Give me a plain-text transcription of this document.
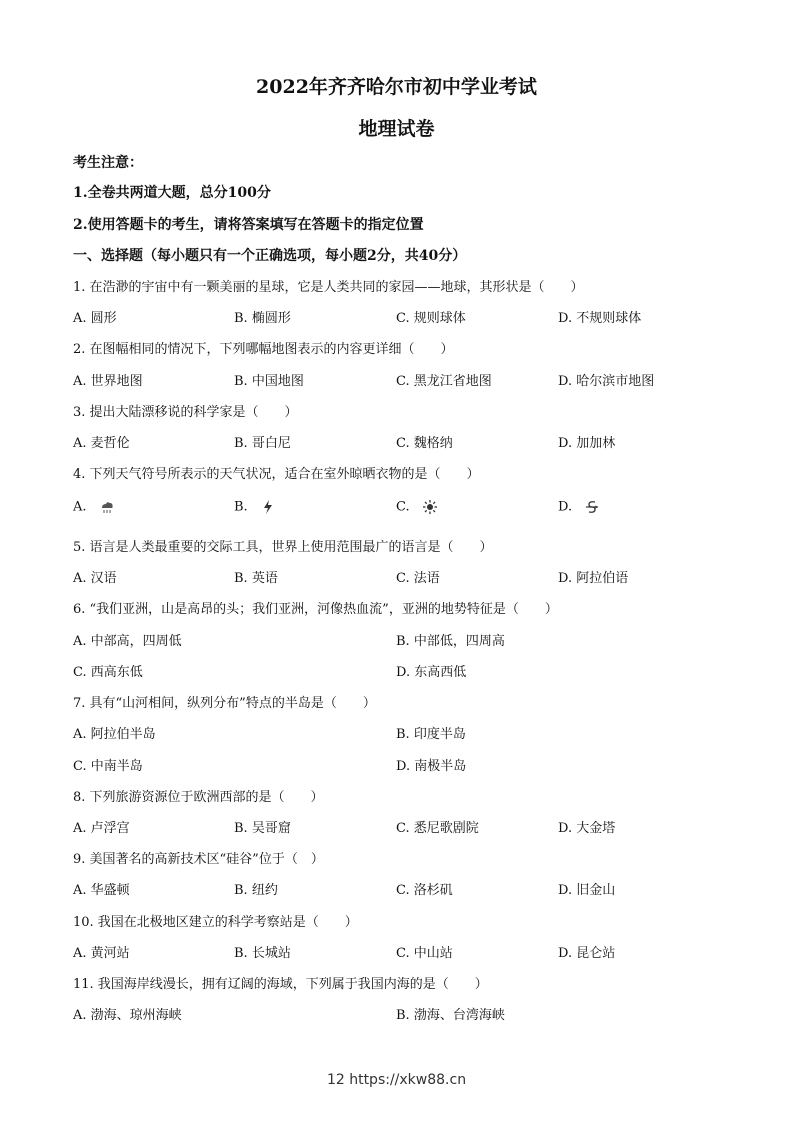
2022年齐齐哈尔市初中学业考试
地理试卷
考生注意：
1.全卷共两道大题，总分100分
2.使用答题卡的考生，请将答案填写在答题卡的指定位置
一、选择题（每小题只有一个正确选项，每小题2分，共40分）
1. 在浩渺的宇宙中有一颗美丽的星球，它是人类共同的家园——地球，其形状是（　　）
A. 圆形	B. 椭圆形	C. 规则球体	D. 不规则球体
2. 在图幅相同的情况下，下列哪幅地图表示的内容更详细（　　）
A. 世界地图	B. 中国地图	C. 黑龙江省地图	D. 哈尔滨市地图
3. 提出大陆漂移说的科学家是（　　）
A. 麦哲伦	B. 哥白尼	C. 魏格纳	D. 加加林
4. 下列天气符号所表示的天气状况，适合在室外晾晒衣物的是（　　）
A.	B.	C.	D.
5. 语言是人类最重要的交际工具，世界上使用范围最广的语言是（　　）
A. 汉语	B. 英语	C. 法语	D. 阿拉伯语
6. “我们亚洲，山是高昂的头；我们亚洲，河像热血流”，亚洲的地势特征是（　　）
A. 中部高，四周低	B. 中部低，四周高
C. 西高东低	D. 东高西低
7. 具有“山河相间，纵列分布”特点的半岛是（　　）
A. 阿拉伯半岛	B. 印度半岛
C. 中南半岛	D. 南极半岛
8. 下列旅游资源位于欧洲西部的是（　　）
A. 卢浮宫	B. 吴哥窟	C. 悉尼歌剧院	D. 大金塔
9. 美国著名的高新技术区“硅谷”位于（　）
A. 华盛顿	B. 纽约	C. 洛杉矶	D. 旧金山
10. 我国在北极地区建立的科学考察站是（　　）
A. 黄河站	B. 长城站	C. 中山站	D. 昆仑站
11. 我国海岸线漫长，拥有辽阔的海域，下列属于我国内海的是（　　）
A. 渤海、琼州海峡	B. 渤海、台湾海峡
12 https://xkw88.cn
